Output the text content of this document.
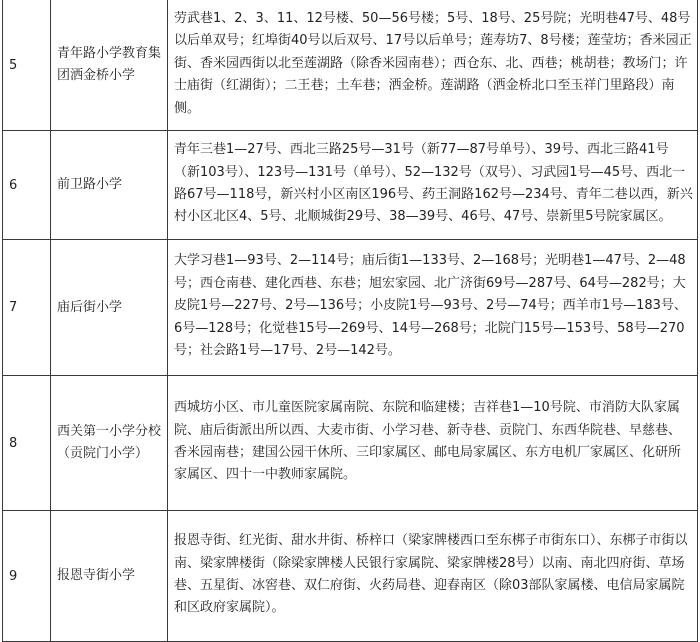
5	青年路小学教育集团洒金桥小学	劳武巷1、2、3、11、12号楼、50—56号楼；5号、18号、25号院；光明巷47号、48号以后单双号；红埠街40号以后双号、17号以后单号；莲寿坊7、8号楼；莲莹坊；香米园正街、香米园西街以北至莲湖路（除香米园南巷）；西仓东、北、西巷；桃胡巷；教场门；许士庙街（红湖街）；二王巷；土车巷；洒金桥。莲湖路（洒金桥北口至玉祥门里路段）南侧。
6	前卫路小学	青年三巷1—27号、西北三路25号—31号（新77—87号单号）、39号、西北三路41号（新103号）、123号—131号（单号）、52—132号（双号）、习武园1号—45号、西北一路67号—118号，新兴村小区南区196号、药王洞路162号—234号、青年二巷以西，新兴村小区北区4、5号、北顺城街29号、38—39号、46号、47号、崇新里5号院家属区。
7	庙后街小学	大学习巷1—93号、2—114号；庙后街1—133号、2—168号；光明巷1—47号、2—48号；西仓南巷、建化西巷、东巷；旭宏家园、北广济街69号—287号、64号—282号；大皮院1号—227号、2号—136号；小皮院1号—93号、2号—74号；西羊市1号—183号、6号—128号；化觉巷15号—269号、14号—268号；北院门15号—153号、58号—270号；社会路1号—17号、2号—142号。
8	西关第一小学分校（贡院门小学）	西城坊小区、市儿童医院家属南院、东院和临建楼；吉祥巷1—10号院、市消防大队家属院、庙后街派出所以西、大麦市街、小学习巷、新寺巷、贡院门、东西华院巷、早慈巷、香米园南巷；建国公园干休所、三印家属区、邮电局家属区、东方电机厂家属区、化研所家属区、四十一中教师家属院。
9	报恩寺街小学	报恩寺街、红光街、甜水井街、桥梓口（梁家牌楼西口至东梆子市街东口）、东梆子市街以南、梁家牌楼街（除梁家牌楼人民银行家属院、梁家牌楼28号）以南、南北四府街、草场巷、五星街、冰窖巷、双仁府街、火药局巷、迎春南区（除03部队家属楼、电信局家属院和区政府家属院）。
